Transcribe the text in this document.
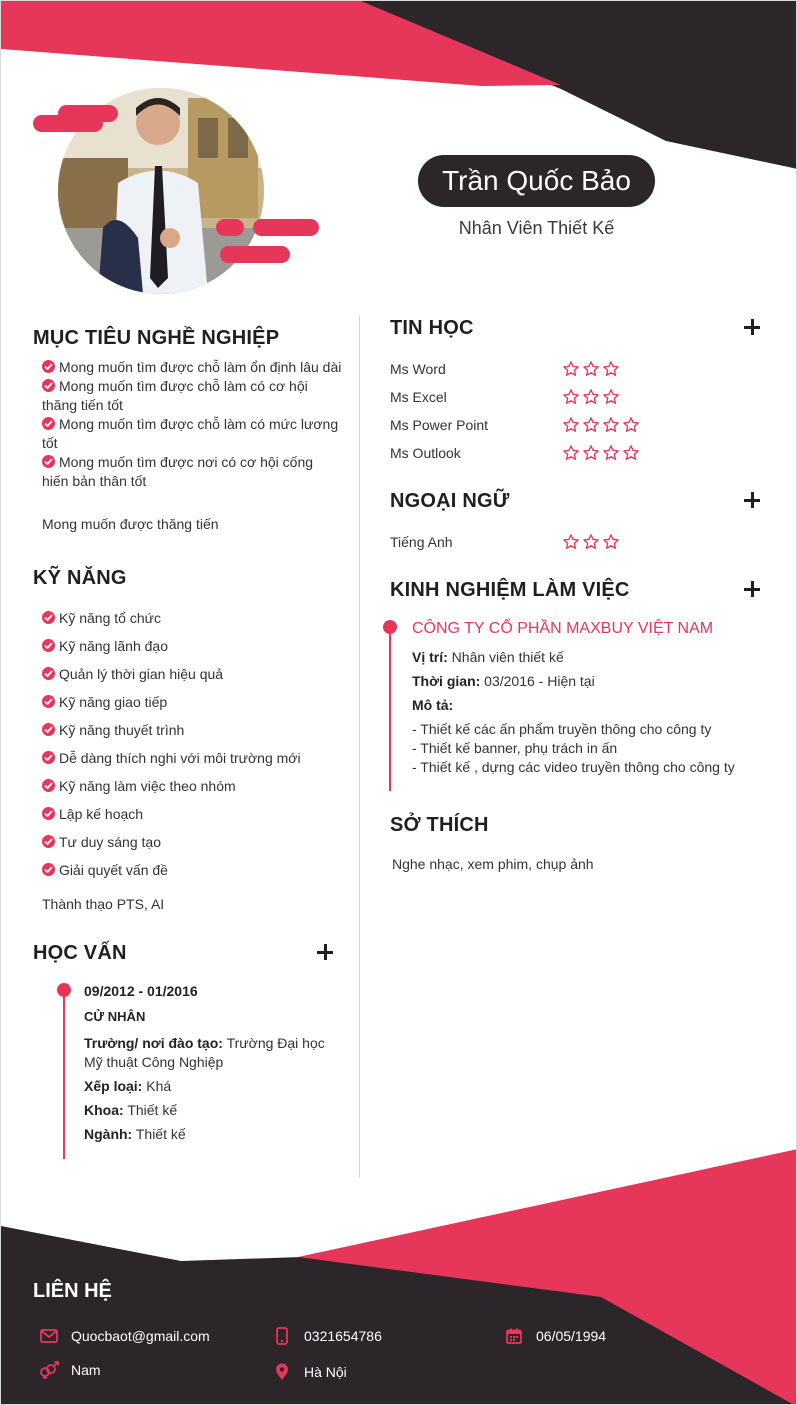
Trần Quốc Bảo
Nhân Viên Thiết Kế
MỤC TIÊU NGHỀ NGHIỆP
Mong muốn tìm được chỗ làm ổn định lâu dài
Mong muốn tìm được chỗ làm có cơ hội thăng tiến tốt
Mong muốn tìm được chỗ làm có mức lương tốt
Mong muốn tìm được nơi có cơ hội cống hiến bản thân tốt
Mong muốn được thăng tiến
KỸ NĂNG
Kỹ năng tổ chức
Kỹ năng lãnh đạo
Quản lý thời gian hiệu quả
Kỹ năng giao tiếp
Kỹ năng thuyết trình
Dễ dàng thích nghi với môi trường mới
Kỹ năng làm việc theo nhóm
Lập kế hoạch
Tư duy sáng tạo
Giải quyết vấn đề
Thành thạo PTS, AI
HỌC VẤN
09/2012 - 01/2016
CỬ NHÂN
Trường/ nơi đào tạo: Trường Đại học Mỹ thuật Công Nghiệp
Xếp loại: Khá
Khoa: Thiết kế
Ngành: Thiết kế
TIN HỌC
Ms Word
Ms Excel
Ms Power Point
Ms Outlook
NGOẠI NGỮ
Tiếng Anh
KINH NGHIỆM LÀM VIỆC
CÔNG TY CỔ PHẦN MAXBUY VIỆT NAM
Vị trí: Nhân viên thiết kế
Thời gian: 03/2016 - Hiện tại
Mô tả:
- Thiết kế các ấn phẩm truyền thông cho công ty
- Thiết kế banner, phụ trách in ấn
- Thiết kế , dựng các video truyền thông cho công ty
SỞ THÍCH
Nghe nhạc, xem phim, chụp ảnh
LIÊN HỆ
Quocbaot@gmail.com	0321654786	06/05/1994
Nam	Hà Nội
